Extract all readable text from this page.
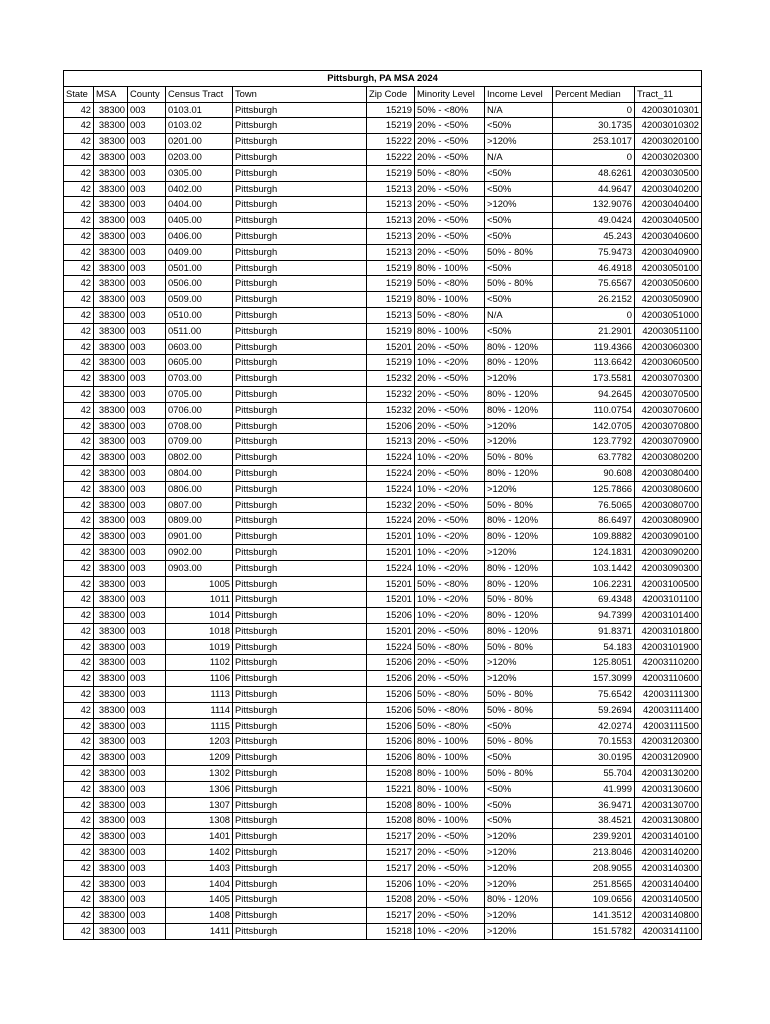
Pittsburgh, PA MSA 2024									
State	MSA	County	Census Tract	Town	Zip Code	Minority Level	Income Level	Percent Median	Tract_11
42	38300	003	0103.01	Pittsburgh	15219	50% - <80%	N/A	0	42003010301
42	38300	003	0103.02	Pittsburgh	15219	20% - <50%	<50%	30.1735	42003010302
42	38300	003	0201.00	Pittsburgh	15222	20% - <50%	>120%	253.1017	42003020100
42	38300	003	0203.00	Pittsburgh	15222	20% - <50%	N/A	0	42003020300
42	38300	003	0305.00	Pittsburgh	15219	50% - <80%	<50%	48.6261	42003030500
42	38300	003	0402.00	Pittsburgh	15213	20% - <50%	<50%	44.9647	42003040200
42	38300	003	0404.00	Pittsburgh	15213	20% - <50%	>120%	132.9076	42003040400
42	38300	003	0405.00	Pittsburgh	15213	20% - <50%	<50%	49.0424	42003040500
42	38300	003	0406.00	Pittsburgh	15213	20% - <50%	<50%	45.243	42003040600
42	38300	003	0409.00	Pittsburgh	15213	20% - <50%	50% - 80%	75.9473	42003040900
42	38300	003	0501.00	Pittsburgh	15219	80% - 100%	<50%	46.4918	42003050100
42	38300	003	0506.00	Pittsburgh	15219	50% - <80%	50% - 80%	75.6567	42003050600
42	38300	003	0509.00	Pittsburgh	15219	80% - 100%	<50%	26.2152	42003050900
42	38300	003	0510.00	Pittsburgh	15213	50% - <80%	N/A	0	42003051000
42	38300	003	0511.00	Pittsburgh	15219	80% - 100%	<50%	21.2901	42003051100
42	38300	003	0603.00	Pittsburgh	15201	20% - <50%	80% - 120%	119.4366	42003060300
42	38300	003	0605.00	Pittsburgh	15219	10% - <20%	80% - 120%	113.6642	42003060500
42	38300	003	0703.00	Pittsburgh	15232	20% - <50%	>120%	173.5581	42003070300
42	38300	003	0705.00	Pittsburgh	15232	20% - <50%	80% - 120%	94.2645	42003070500
42	38300	003	0706.00	Pittsburgh	15232	20% - <50%	80% - 120%	110.0754	42003070600
42	38300	003	0708.00	Pittsburgh	15206	20% - <50%	>120%	142.0705	42003070800
42	38300	003	0709.00	Pittsburgh	15213	20% - <50%	>120%	123.7792	42003070900
42	38300	003	0802.00	Pittsburgh	15224	10% - <20%	50% - 80%	63.7782	42003080200
42	38300	003	0804.00	Pittsburgh	15224	20% - <50%	80% - 120%	90.608	42003080400
42	38300	003	0806.00	Pittsburgh	15224	10% - <20%	>120%	125.7866	42003080600
42	38300	003	0807.00	Pittsburgh	15232	20% - <50%	50% - 80%	76.5065	42003080700
42	38300	003	0809.00	Pittsburgh	15224	20% - <50%	80% - 120%	86.6497	42003080900
42	38300	003	0901.00	Pittsburgh	15201	10% - <20%	80% - 120%	109.8882	42003090100
42	38300	003	0902.00	Pittsburgh	15201	10% - <20%	>120%	124.1831	42003090200
42	38300	003	0903.00	Pittsburgh	15224	10% - <20%	80% - 120%	103.1442	42003090300
42	38300	003	1005	Pittsburgh	15201	50% - <80%	80% - 120%	106.2231	42003100500
42	38300	003	1011	Pittsburgh	15201	10% - <20%	50% - 80%	69.4348	42003101100
42	38300	003	1014	Pittsburgh	15206	10% - <20%	80% - 120%	94.7399	42003101400
42	38300	003	1018	Pittsburgh	15201	20% - <50%	80% - 120%	91.8371	42003101800
42	38300	003	1019	Pittsburgh	15224	50% - <80%	50% - 80%	54.183	42003101900
42	38300	003	1102	Pittsburgh	15206	20% - <50%	>120%	125.8051	42003110200
42	38300	003	1106	Pittsburgh	15206	20% - <50%	>120%	157.3099	42003110600
42	38300	003	1113	Pittsburgh	15206	50% - <80%	50% - 80%	75.6542	42003111300
42	38300	003	1114	Pittsburgh	15206	50% - <80%	50% - 80%	59.2694	42003111400
42	38300	003	1115	Pittsburgh	15206	50% - <80%	<50%	42.0274	42003111500
42	38300	003	1203	Pittsburgh	15206	80% - 100%	50% - 80%	70.1553	42003120300
42	38300	003	1209	Pittsburgh	15206	80% - 100%	<50%	30.0195	42003120900
42	38300	003	1302	Pittsburgh	15208	80% - 100%	50% - 80%	55.704	42003130200
42	38300	003	1306	Pittsburgh	15221	80% - 100%	<50%	41.999	42003130600
42	38300	003	1307	Pittsburgh	15208	80% - 100%	<50%	36.9471	42003130700
42	38300	003	1308	Pittsburgh	15208	80% - 100%	<50%	38.4521	42003130800
42	38300	003	1401	Pittsburgh	15217	20% - <50%	>120%	239.9201	42003140100
42	38300	003	1402	Pittsburgh	15217	20% - <50%	>120%	213.8046	42003140200
42	38300	003	1403	Pittsburgh	15217	20% - <50%	>120%	208.9055	42003140300
42	38300	003	1404	Pittsburgh	15206	10% - <20%	>120%	251.8565	42003140400
42	38300	003	1405	Pittsburgh	15208	20% - <50%	80% - 120%	109.0656	42003140500
42	38300	003	1408	Pittsburgh	15217	20% - <50%	>120%	141.3512	42003140800
42	38300	003	1411	Pittsburgh	15218	10% - <20%	>120%	151.5782	42003141100
